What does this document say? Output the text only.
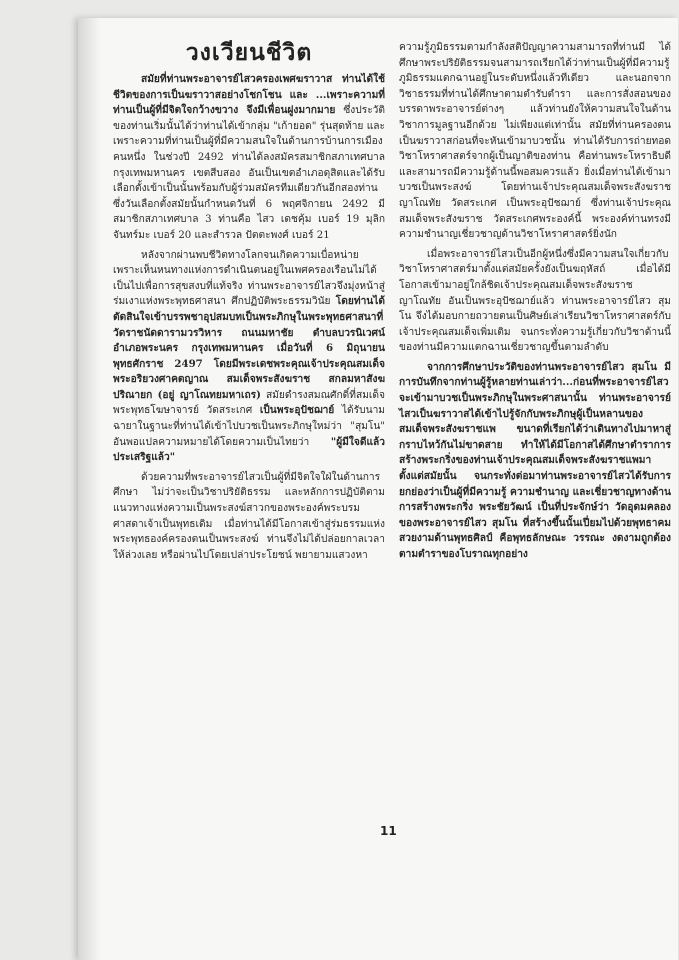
วงเวียนชีวิต

สมัยที่ท่านพระอาจารย์ไสวครองเพศฆราวาส ท่านได้ใช้ชีวิตของการเป็นฆราวาสอย่างโชกโชน และ ...เพราะความที่ท่านเป็นผู้ที่มีจิตใจกว้างขวาง จึงมีเพื่อนฝูงมากมาย ซึ่งประวัติของท่านเริ่มนั้นได้ว่าท่านได้เข้ากลุ่ม "เก้ายอด" รุ่นสุดท้าย และเพราะความที่ท่านเป็นผู้ที่มีความสนใจในด้านการบ้านการเมืองคนหนึ่ง ในช่วงปี 2492 ท่านได้ลงสมัครสมาชิกสภาเทศบาลกรุงเทพมหานคร เขตสีบสอง อันเป็นเขตอำเภอดุสิตและได้รับเลือกตั้งเข้าเป็นนั้นพร้อมกับผู้ร่วมสมัครทีมเดียวกันอีกสองท่าน ซึ่งวันเลือกตั้งสมัยนั้นกำหนดวันที่ 6 พฤศจิกายน 2492 มีสมาชิกสภาเทศบาล 3 ท่านคือ ไสว เดชคุ้ม เบอร์ 19 มุลิก จันทร์มะ เบอร์ 20 และสำรวล ปัตตะพงศ์ เบอร์ 21

หลังจากผ่านพบชีวิตทางโลกจนเกิดความเบื่อหน่าย เพราะเห็นหนทางแห่งการดำเนินตนอยู่ในเพศครองเรือนไม่ได้เป็นไปเพื่อการสุขสงบที่แท้จริง ท่านพระอาจารย์ไสวจึงมุ่งหน้าสู่ร่มเงาแห่งพระพุทธศาสนา ศึกปฏิบัติพระธรรมวินัย โดยท่านได้ตัดสินใจเข้าบรรพชาอุปสมบทเป็นพระภิกษุในพระพุทธศาสนาที่วัดราชนัดดารามวรวิหาร ถนนมหาชัย ตำบลบวรนิเวศน์ อำเภอพระนคร กรุงเทพมหานคร เมื่อวันที่ 6 มิถุนายน พุทธศักราช 2497 โดยมีพระเดชพระคุณเจ้าประคุณสมเด็จพระอริยวงศาคตญาณ สมเด็จพระสังฆราช สกลมหาสังฆปริณายก (อยู่ ญาโณทยมหาเถร) สมัยดำรงสมณศักดิ์ที่สมเด็จพระพุทธโฆษาจารย์ วัดสระเกศ เป็นพระอุปัชฌาย์ ได้รับนามฉายาในฐานะที่ท่านได้เข้าไปบวชเป็นพระภิกษุใหม่ว่า "สุมโน" อันพอแปลความหมายได้โดยความเป็นไทยว่า "ผู้มีใจดีแล้วประเสริฐแล้ว"

ด้วยความที่พระอาจารย์ไสวเป็นผู้ที่มีจิตใจใฝ่ในด้านการศึกษา ไม่ว่าจะเป็นวิชาปริยัติธรรม และหลักการปฏิบัติตามแนวทางแห่งความเป็นพระสงฆ์สาวกของพระองค์พระบรมศาสดาเจ้าเป็นพุทธเดิม เมื่อท่านได้มีโอกาสเข้าสู่ร่มธรรมแห่งพระพุทธองค์ครองตนเป็นพระสงฆ์ ท่านจึงไม่ได้ปล่อยกาลเวลาให้ล่วงเลย หรือผ่านไปโดยเปล่าประโยชน์ พยายามแสวงหา

ความรู้ภูมิธรรมตามกำลังสติปัญญาความสามารถที่ท่านมี ได้ศึกษาพระปริยัติธรรมจนสามารถเรียกได้ว่าท่านเป็นผู้ที่มีความรู้ภูมิธรรมแตกฉานอยู่ในระดับหนึ่งแล้วทีเดียว และนอกจากวิชาธรรมที่ท่านได้ศึกษาตามตำรับตำรา และการสั่งสอนของบรรดาพระอาจารย์ต่างๆ แล้วท่านยังให้ความสนใจในด้านวิชาการมูลฐานอีกด้วย ไม่เพียงแต่เท่านั้น สมัยที่ท่านครองตนเป็นฆราวาสก่อนที่จะหันเข้ามาบวชนั้น ท่านได้รับการถ่ายทอดวิชาโหราศาสตร์จากผู้เป็นญาติของท่าน คือท่านพระโหราธิบดี และสามารถมีความรู้ด้านนี้พอสมควรแล้ว ยิ่งเมื่อท่านได้เข้ามาบวชเป็นพระสงฆ์ โดยท่านเจ้าประคุณสมเด็จพระสังฆราชญาโณทัย วัดสระเกศ เป็นพระอุปัชฌาย์ ซึ่งท่านเจ้าประคุณสมเด็จพระสังฆราช วัดสระเกศพระองค์นี้ พระองค์ท่านทรงมีความชำนาญเชี่ยวชาญด้านวิชาโหราศาสตร์ยิ่งนัก

เมื่อพระอาจารย์ไสวเป็นอีกผู้หนึ่งซึ่งมีความสนใจเกี่ยวกับวิชาโหราศาสตร์มาตั้งแต่สมัยครั้งยังเป็นฆฤหัสถ์ เมื่อได้มีโอกาสเข้ามาอยู่ใกล้ชิดเจ้าประคุณสมเด็จพระสังฆราชญาโณทัย อันเป็นพระอุปัชฌาย์แล้ว ท่านพระอาจารย์ไสว สุมโน จึงได้มอบกายถวายตนเป็นศิษย์เล่าเรียนวิชาโหราศาสตร์กับเจ้าประคุณสมเด็จเพิ่มเติม จนกระทั่งความรู้เกี่ยวกับวิชาด้านนี้ของท่านมีความแตกฉานเชี่ยวชาญขึ้นตามลำดับ

จากการศึกษาประวัติของท่านพระอาจารย์ไสว สุมโน มีการบันทึกจากท่านผู้รู้หลายท่านเล่าว่า...ก่อนที่พระอาจารย์ไสวจะเข้ามาบวชเป็นพระภิกษุในพระศาสนานั้น ท่านพระอาจารย์ไสวเป็นฆราวาสได้เข้าไปรู้จักกับพระภิกษุผู้เป็นหลานของสมเด็จพระสังฆราชแพ ขนาดที่เรียกได้ว่าเดินทางไปมาหาสู่ กราบไหว้กันไม่ขาดสาย ทำให้ได้มีโอกาสได้ศึกษาตำราการสร้างพระกริ่งของท่านเจ้าประคุณสมเด็จพระสังฆราชแพมาตั้งแต่สมัยนั้น จนกระทั่งต่อมาท่านพระอาจารย์ไสวได้รับการยกย่องว่าเป็นผู้ที่มีความรู้ ความชำนาญ และเชี่ยวชาญทางด้านการสร้างพระกริ่ง พระชัยวัฒน์ เป็นที่ประจักษ์ว่า วัดอุดมคลองของพระอาจารย์ไสว สุมโน ที่สร้างขึ้นนั้นเปี่ยมไปด้วยพุทธาคม สวยงามด้านพุทธศิลป์ คือพุทธลักษณะ วรรณะ งดงามถูกต้องตามตำราของโบราณทุกอย่าง

11
